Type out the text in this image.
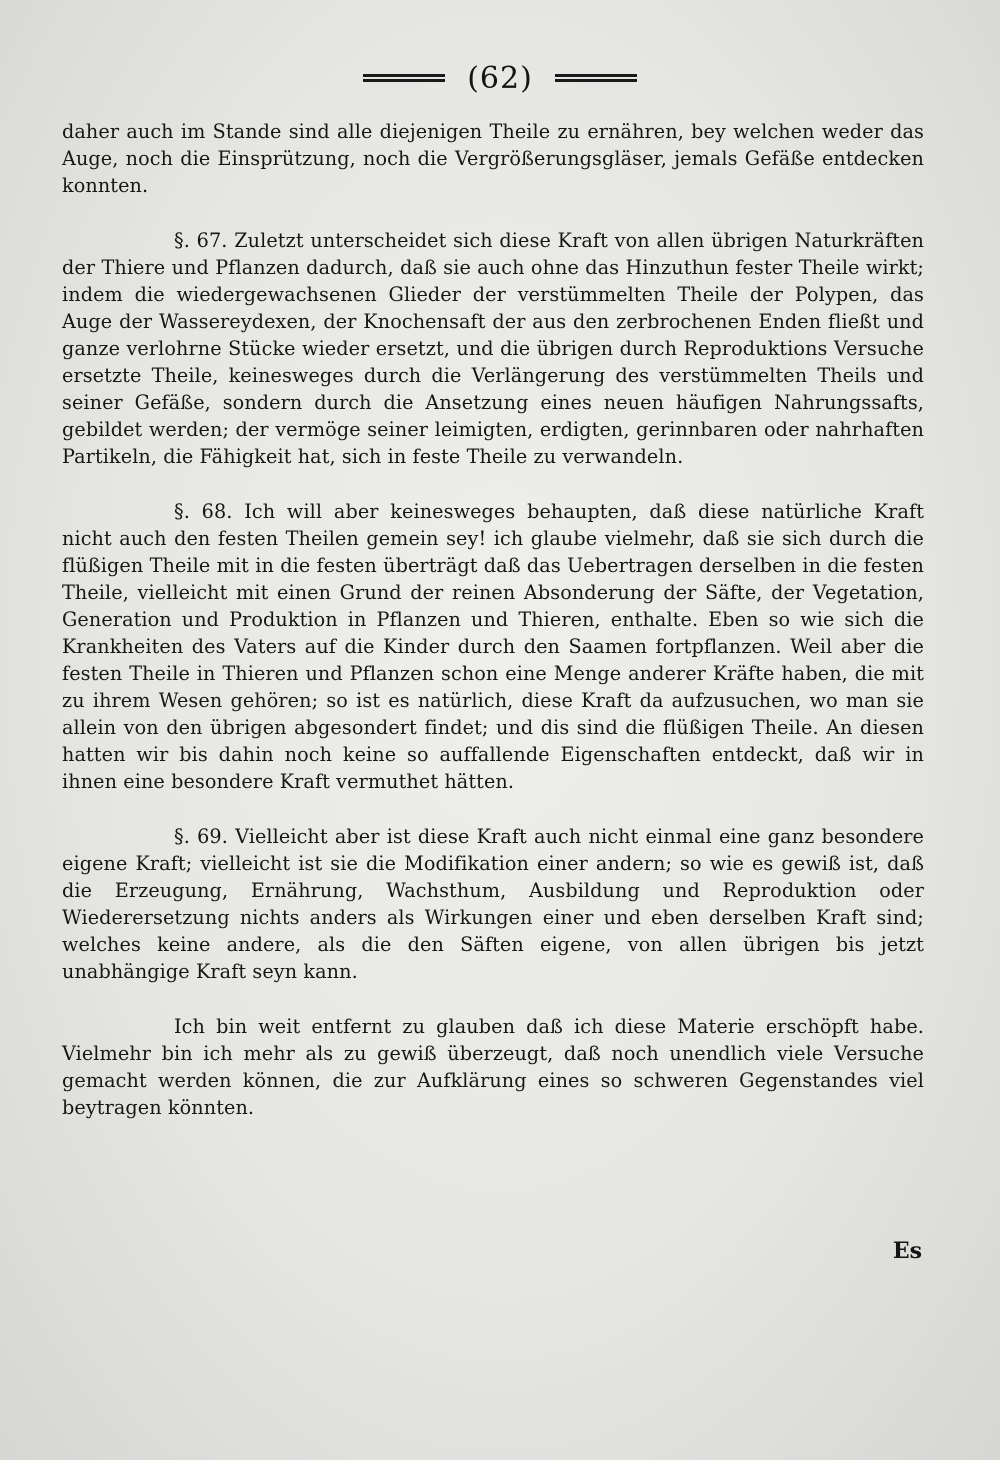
(62)

daher auch im Stande sind alle diejenigen Theile zu ernähren, bey welchen weder das Auge, noch die Einsprützung, noch die Vergrößerungsgläser, jemals Gefäße entdecken konnten.

§. 67. Zuletzt unterscheidet sich diese Kraft von allen übrigen Naturkräften der Thiere und Pflanzen dadurch, daß sie auch ohne das Hinzuthun fester Theile wirkt; indem die wiedergewachsenen Glieder der verstümmelten Theile der Polypen, das Auge der Wassereydexen, der Knochensaft der aus den zerbrochenen Enden fließt und ganze verlohrne Stücke wieder ersetzt, und die übrigen durch Reproduktions Versuche ersetzte Theile, keinesweges durch die Verlängerung des verstümmelten Theils und seiner Gefäße, sondern durch die Ansetzung eines neuen häufigen Nahrungssafts, gebildet werden; der vermöge seiner leimigten, erdigten, gerinnbaren oder nahrhaften Partikeln, die Fähigkeit hat, sich in feste Theile zu verwandeln.

§. 68. Ich will aber keinesweges behaupten, daß diese natürliche Kraft nicht auch den festen Theilen gemein sey! ich glaube vielmehr, daß sie sich durch die flüßigen Theile mit in die festen überträgt daß das Uebertragen derselben in die festen Theile, vielleicht mit einen Grund der reinen Absonderung der Säfte, der Vegetation, Generation und Produktion in Pflanzen und Thieren, enthalte. Eben so wie sich die Krankheiten des Vaters auf die Kinder durch den Saamen fortpflanzen. Weil aber die festen Theile in Thieren und Pflanzen schon eine Menge anderer Kräfte haben, die mit zu ihrem Wesen gehören; so ist es natürlich, diese Kraft da aufzusuchen, wo man sie allein von den übrigen abgesondert findet; und dis sind die flüßigen Theile. An diesen hatten wir bis dahin noch keine so auffallende Eigenschaften entdeckt, daß wir in ihnen eine besondere Kraft vermuthet hätten.

§. 69. Vielleicht aber ist diese Kraft auch nicht einmal eine ganz besondere eigene Kraft; vielleicht ist sie die Modifikation einer andern; so wie es gewiß ist, daß die Erzeugung, Ernährung, Wachsthum, Ausbildung und Reproduktion oder Wiederersetzung nichts anders als Wirkungen einer und eben derselben Kraft sind; welches keine andere, als die den Säften eigene, von allen übrigen bis jetzt unabhängige Kraft seyn kann.

Ich bin weit entfernt zu glauben daß ich diese Materie erschöpft habe. Vielmehr bin ich mehr als zu gewiß überzeugt, daß noch unendlich viele Versuche gemacht werden können, die zur Aufklärung eines so schweren Gegenstandes viel beytragen könnten.

Es
